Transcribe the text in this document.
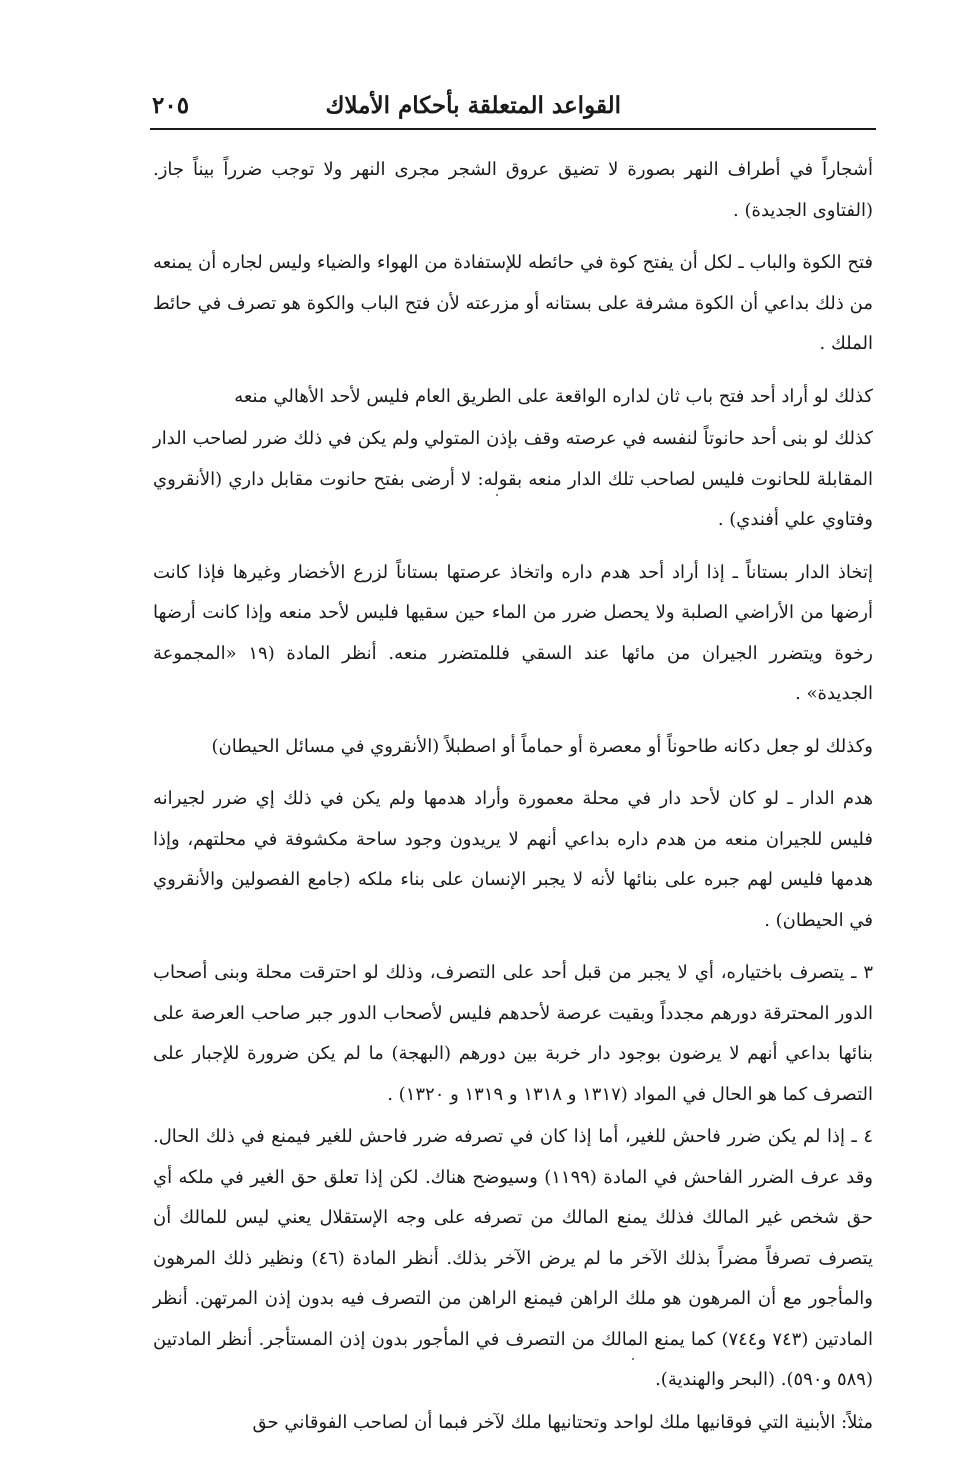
القواعد المتعلقة بأحكام الأملاك
٢٠٥

أشجاراً في أطراف النهر بصورة لا تضيق عروق الشجر مجرى النهر ولا توجب ضرراً بيناً جاز. (الفتاوى الجديدة) .

فتح الكوة والباب ـ لكل أن يفتح كوة في حائطه للإستفادة من الهواء والضياء وليس لجاره أن يمنعه من ذلك بداعي أن الكوة مشرفة على بستانه أو مزرعته لأن فتح الباب والكوة هو تصرف في حائط الملك .

كذلك لو أراد أحد فتح باب ثان لداره الواقعة على الطريق العام فليس لأحد الأهالي منعه

كذلك لو بنى أحد حانوتاً لنفسه في عرصته وقف بإذن المتولي ولم يكن في ذلك ضرر لصاحب الدار المقابلة للحانوت فليس لصاحب تلك الدار منعه بقوله: لا أرضى بفتح حانوت مقابل داري (الأنقروي وفتاوي علي أفندي) .

إتخاذ الدار بستاناً ـ إذا أراد أحد هدم داره واتخاذ عرصتها بستاناً لزرع الأخضار وغيرها فإذا كانت أرضها من الأراضي الصلبة ولا يحصل ضرر من الماء حين سقيها فليس لأحد منعه وإذا كانت أرضها رخوة ويتضرر الجيران من مائها عند السقي فللمتضرر منعه. أنظر المادة (١٩ «المجموعة الجديدة» .

وكذلك لو جعل دكانه طاحوناً أو معصرة أو حماماً أو اصطبلاً (الأنقروي في مسائل الحيطان)

هدم الدار ـ لو كان لأحد دار في محلة معمورة وأراد هدمها ولم يكن في ذلك إي ضرر لجيرانه فليس للجيران منعه من هدم داره بداعي أنهم لا يريدون وجود ساحة مكشوفة في محلتهم، وإذا هدمها فليس لهم جبره على بنائها لأنه لا يجبر الإنسان على بناء ملكه (جامع الفصولين والأنقروي في الحيطان) .

٣ ـ يتصرف باختياره، أي لا يجبر من قبل أحد على التصرف، وذلك لو احترقت محلة وبنى أصحاب الدور المحترقة دورهم مجدداً وبقيت عرصة لأحدهم فليس لأصحاب الدور جبر صاحب العرصة على بنائها بداعي أنهم لا يرضون بوجود دار خربة بين دورهم (البهجة) ما لم يكن ضرورة للإجبار على التصرف كما هو الحال في المواد (١٣١٧ و ١٣١٨ و ١٣١٩ و ١٣٢٠) .

٤ ـ إذا لم يكن ضرر فاحش للغير، أما إذا كان في تصرفه ضرر فاحش للغير فيمنع في ذلك الحال. وقد عرف الضرر الفاحش في المادة (١١٩٩) وسيوضح هناك. لكن إذا تعلق حق الغير في ملكه أي حق شخص غير المالك فذلك يمنع المالك من تصرفه على وجه الإستقلال يعني ليس للمالك أن يتصرف تصرفاً مضراً بذلك الآخر ما لم يرض الآخر بذلك. أنظر المادة (٤٦) ونظير ذلك المرهون والمأجور مع أن المرهون هو ملك الراهن فيمنع الراهن من التصرف فيه بدون إذن المرتهن. أنظر المادتين (٧٤٣ و٧٤٤) كما يمنع المالك من التصرف في المأجور بدون إذن المستأجر. أنظر المادتين (٥٨٩ و٥٩٠). (البحر والهندية).

مثلاً: الأبنية التي فوقانيها ملك لواحد وتحتانيها ملك لآخر فبما أن لصاحب الفوقاني حق
